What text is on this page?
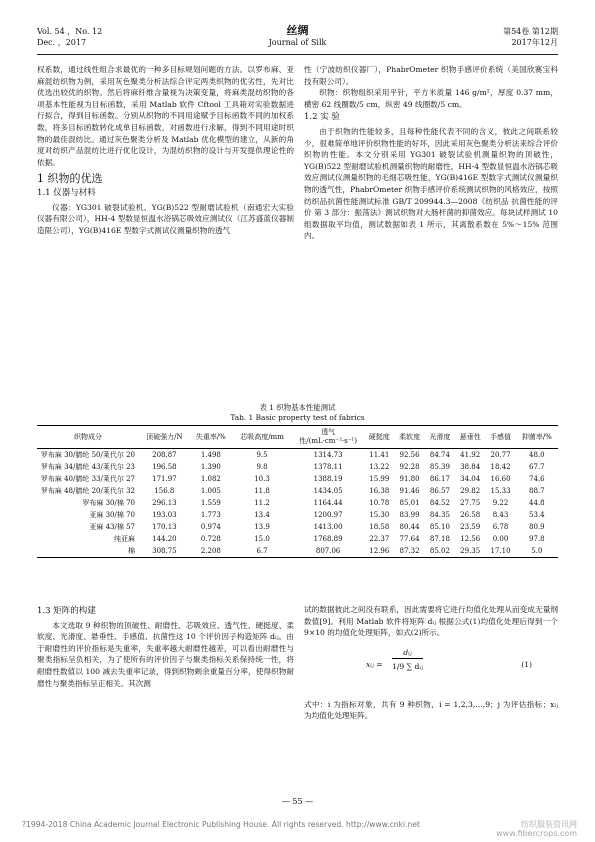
Vol. 54 ，No. 12
Dec. ，2017
丝绸
Journal of Silk
第54卷 第12期
2017年12月

权系数，通过线性组合求最优的一种多目标规划问题的方法。以罗布麻、亚麻混纺织物为例，采用灰色聚类分析法综合评定两类织物的优劣性，先对比优选出较优的织物。然后将麻纤维含量视为决策变量，将麻类混纺织物的各项基本性能视为目标函数，采用 Matlab 软件 Cftool 工具箱对实验数据进行拟合，得到目标函数。分别从织物的不同用途赋予目标函数不同的加权系数，将多目标函数转化成单目标函数，对函数进行求解，得到不同用途时织物的最佳混纺比。通过灰色聚类分析及 Matlab 优化模型的建立，从新的角度对纺织产品混纺比进行优化设计，为混纺织物的设计与开发提供理论性的依据。

1 织物的优选
1.1 仪器与材料

仪器：YG301 破裂试验机、YG(B)522 型耐磨试验机（南通宏大实验仪器有限公司），HH-4 型数显恒温水浴锅芯吸效应测试仪（江苏盛蓝仪器制造限公司），YG(B)416E 型数字式测试仪测量织物的透气

性（宁波纺织仪器厂），PhabrOmeter 织物手感评价系统（美国欣赛宝科技有限公司）。

织物：织物组织采用平针，平方米质量 146 g/m²，厚度 0.37 mm，横密 62 线圈数/5 cm，纵密 49 线圈数/5 cm。

1.2 实 验

由于织物的性能较多，且每种性能代表不同的含义，彼此之间联系较少，很难简单地评价织物性能的好坏，因此采用灰色聚类分析法来综合评价织物的性能。本文分别采用 YG301 破裂试验机测量织物的顶破性，YG(B)522 型耐磨试验机测量织物的耐磨性，HH-4 型数显恒温水浴锅芯吸效应测试仪测量织物的毛细芯吸性能，YG(B)416E 型数字式测试仪测量织物的透气性，PhabrOmeter 织物手感评价系统测试织物的风格效应，按照纺织品抗菌性能测试标准 GB/T 209944.3—2008《纺织品 抗菌性能的评价 第 3 部分：振荡法》测试织物对大肠杆菌的抑菌效应。每块试样测试 10 组数据取平均值，测试数据如表 1 所示，其离散系数在 5%～15% 范围内。

表 1 织物基本性能测试
Tab. 1 Basic property test of fabrics
织物成分	顶破强力/N	失重率/%	芯吸高度/mm	透气性/(mL·cm⁻²·s⁻¹)	硬挺度	柔软度	光滑度	悬垂性	手感值	抑菌率/%
罗布麻 30/腈纶 50/莱代尔 20	208.87	1.498	9.5	1314.73	11.41	92.56	84.74	41.92	20.77	48.0
罗布麻 34/腈纶 43/莱代尔 23	196.58	1.390	9.8	1378.11	13.22	92.28	85.39	38.84	18.42	67.7
罗布麻 40/腈纶 33/莱代尔 27	171.97	1.082	10.3	1388.19	15.99	91.80	86.17	34.04	16.60	74.6
罗布麻 48/腈纶 20/莱代尔 32	156.8	1.005	11.8	1434.05	16.38	91.46	86.57	29.82	15.33	88.7
罗布麻 30/棉 70	296.13	1.559	11.2	1164.44	10.78	85.01	84.52	27.75	9.22	44.8
亚麻 30/棉 70	193.03	1.773	13.4	1200.97	15.30	83.99	84.35	26.58	8.43	53.4
亚麻 43/棉 57	170.13	0.974	13.9	1413.00	18.58	80.44	85.10	23.59	6.78	80.9
纯亚麻	144.20	0.728	15.0	1768.89	22.37	77.64	87.18	12.56	0.00	97.8
棉	308.75	2.208	6.7	807.06	12.96	87.32	85.02	29.35	17.10	5.0
1.3 矩阵的构建

本文选取 9 种织物的顶破性、耐磨性、芯吸效应、透气性、硬挺度、柔软度、光滑度、悬垂性、手感值、抗菌性这 10 个评价因子构造矩阵 dᵢⱼ。由于耐磨性的评价指标是失重率，失重率越大耐磨性越差，可以看出耐磨性与聚类指标呈负相关，为了使所有的评价因子与聚类指标关系保持统一性，将耐磨性数值以 100 减去失重率记录，得到织物剩余重量百分率，使得织物耐磨性与聚类指标呈正相关。其次测

试的数据彼此之间没有联系，因此需要将它进行均值化处理从而变成无量纲数值[9]。利用 Matlab 软件将矩阵 dᵢⱼ 根据公式(1)均值化处理后得到一个 9×10 的均值化处理矩阵，如式(2)所示。

xᵢⱼ =
dᵢⱼ
1/9 ∑ dᵢⱼ	(1)

式中：i 为指标对象，共有 9 种织物，i = 1,2,3,…,9；j 为评估指标；xᵢⱼ 为均值化处理矩阵。

— 55 —
?1994-2018 China Academic Journal Electronic Publishing House. All rights reserved. http://www.cnki.net	纺织服装资讯网
www.fibercrops.com
